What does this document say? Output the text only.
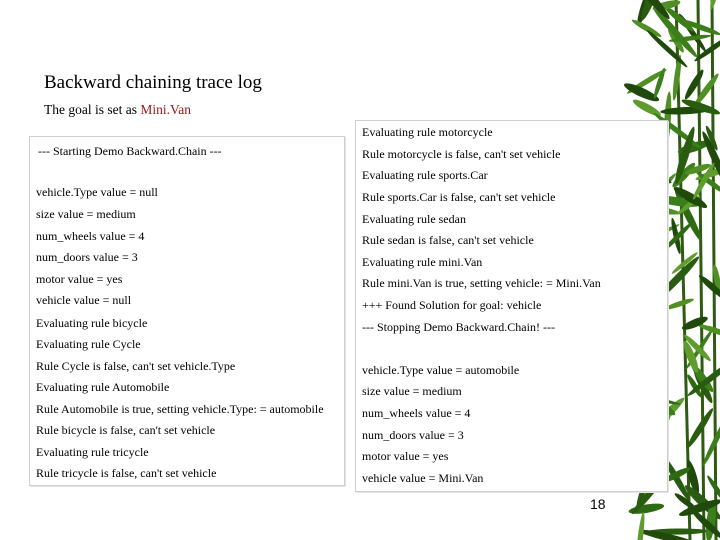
Backward chaining trace log
The goal is set as Mini.Van
--- Starting Demo Backward.Chain ---
vehicle.Type value = null
size value = medium
num_wheels value = 4
num_doors value = 3
motor value = yes
vehicle value = null
Evaluating rule bicycle
Evaluating rule Cycle
Rule Cycle is false, can't set vehicle.Type
Evaluating rule Automobile
Rule Automobile is true, setting vehicle.Type: = automobile
Rule bicycle is false, can't set vehicle
Evaluating rule tricycle
Rule tricycle is false, can't set vehicle
Evaluating rule motorcycle
Rule motorcycle is false, can't set vehicle
Evaluating rule sports.Car
Rule sports.Car is false, can't set vehicle
Evaluating rule sedan
Rule sedan is false, can't set vehicle
Evaluating rule mini.Van
Rule mini.Van is true, setting vehicle: = Mini.Van
+++ Found Solution for goal: vehicle
--- Stopping Demo Backward.Chain! ---
vehicle.Type value = automobile
size value = medium
num_wheels value = 4
num_doors value = 3
motor value = yes
vehicle value = Mini.Van
18
